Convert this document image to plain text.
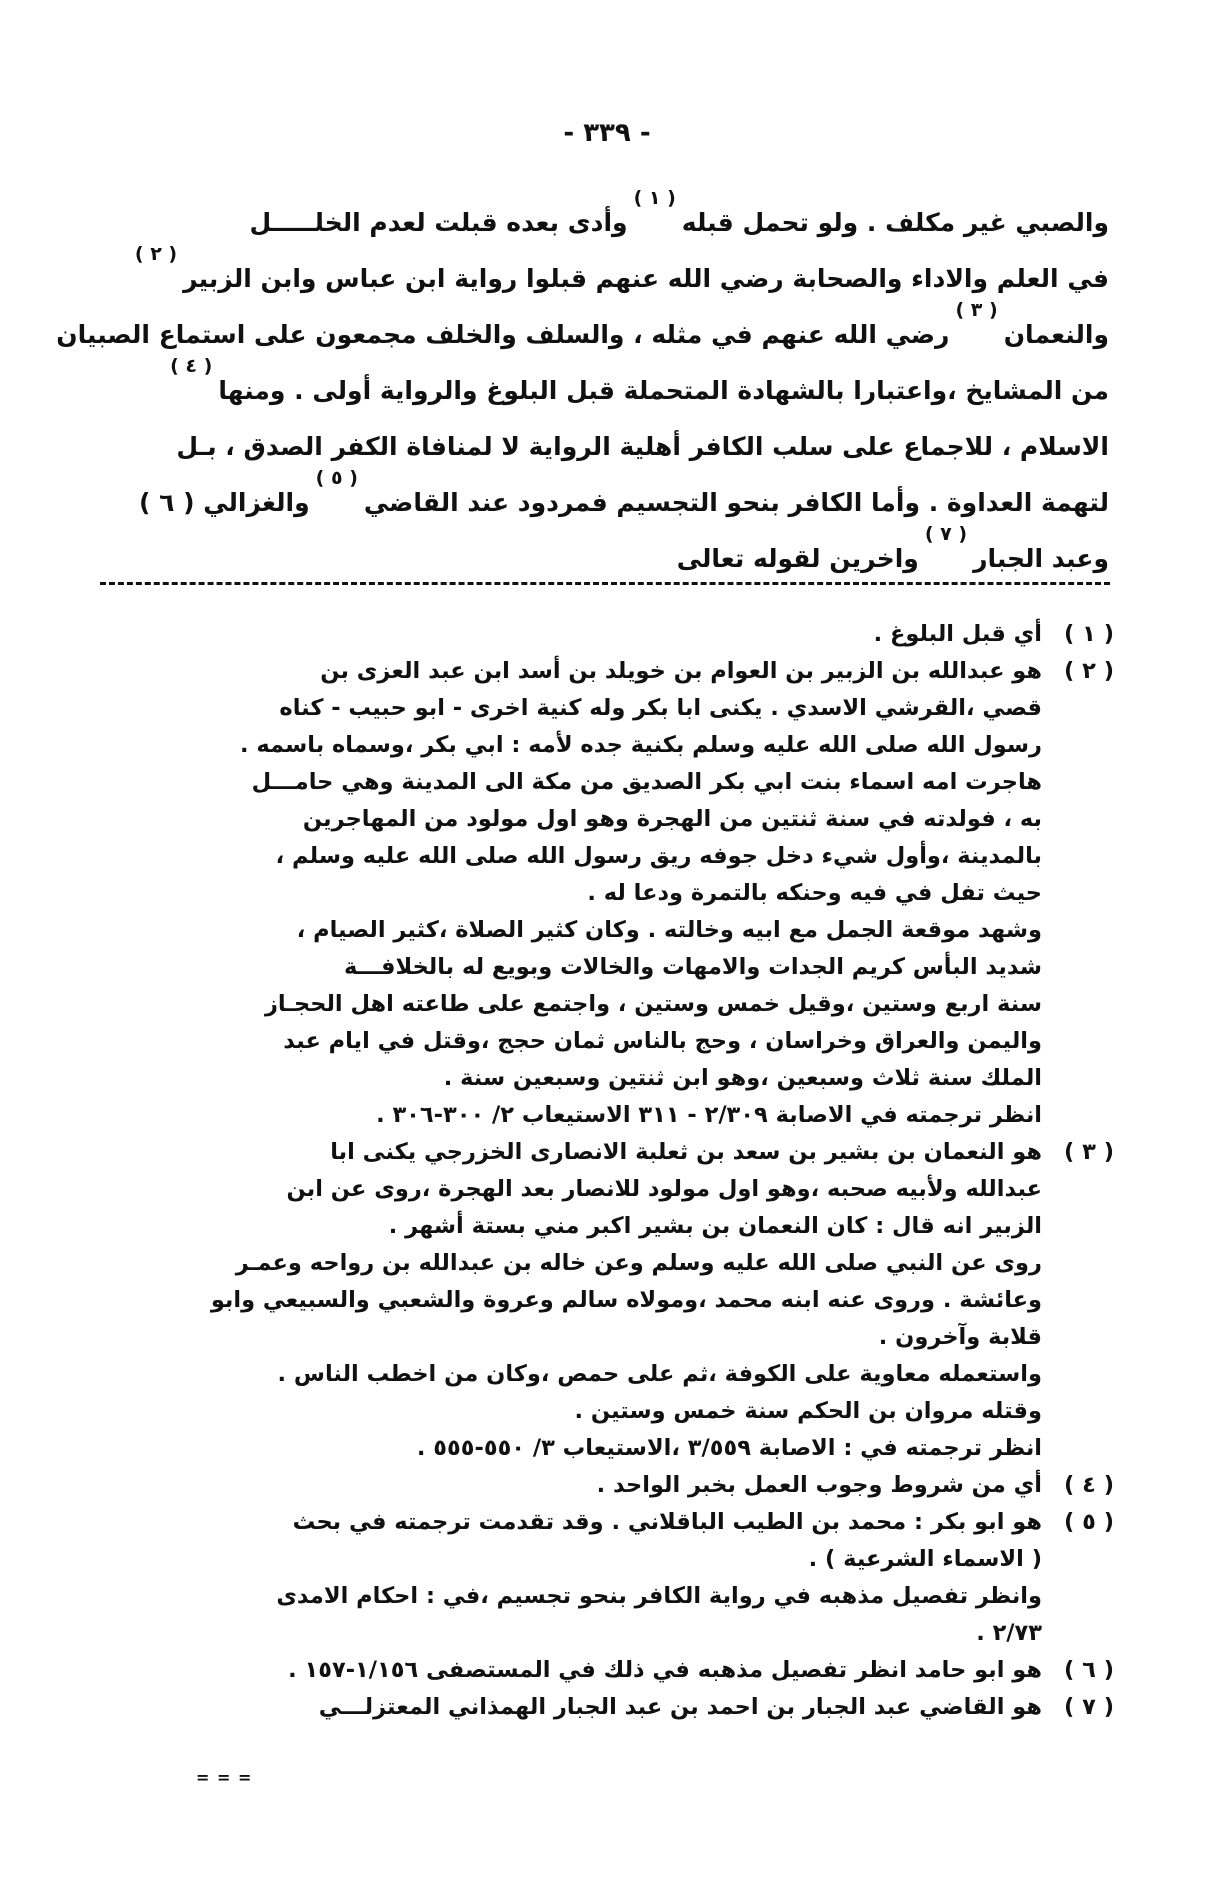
- ٣٣٩ -
والصبي غير مكلف . ولو تحمل قبله$^{( ١ )}$وأدى بعده قبلت لعدم الخلـــــل
في العلم والاداء والصحابة رضي الله عنهم قبلوا رواية ابن عباس وابن الزبير$^{( ٢ )}$
والنعمان$^{( ٣ )}$رضي الله عنهم في مثله ، والسلف والخلف مجمعون على استماع الصبيان
من المشايخ ،واعتبارا بالشهادة المتحملة قبل البلوغ والرواية أولى . ومنها$^{( ٤ )}$
الاسلام ، للاجماع على سلب الكافر أهلية الرواية لا لمنافاة الكفر الصدق ، بـل
لتهمة العداوة . وأما الكافر بنحو التجسيم فمردود عند القاضي$^{( ٥ )}$والغزالي ( ٦ )
وعبد الجبار$^{( ٧ )}$واخرين لقوله تعالى
( ١ )
أي قبل البلوغ .
( ٢ )
هو عبدالله بن الزبير بن العوام بن خويلد بن أسد ابن عبد العزى بن
قصي ،القرشي الاسدي . يكنى ابا بكر وله كنية اخرى - ابو حبيب - كناه
رسول الله صلى الله عليه وسلم بكنية جده لأمه : ابي بكر ،وسماه باسمه .
هاجرت امه اسماء بنت ابي بكر الصديق من مكة الى المدينة وهي حامـــل
به ، فولدته في سنة ثنتين من الهجرة وهو اول مولود من المهاجرين
بالمدينة ،وأول شيء دخل جوفه ريق رسول الله صلى الله عليه وسلم ،
حيث تفل في فيه وحنكه بالتمرة ودعا له .
وشهد موقعة الجمل مع ابيه وخالته . وكان كثير الصلاة ،كثير الصيام ،
شديد البأس كريم الجدات والامهات والخالات وبويع له بالخلافـــة
سنة اربع وستين ،وقيل خمس وستين ، واجتمع على طاعته اهل الحجـاز
واليمن والعراق وخراسان ، وحج بالناس ثمان حجج ،وقتل في ايام عبد
الملك سنة ثلاث وسبعين ،وهو ابن ثنتين وسبعين سنة .
انظر ترجمته في الاصابة ٢/٣٠٩ - ٣١١ الاستيعاب ٢/ ٣٠٠-٣٠٦ .
( ٣ )
هو النعمان بن بشير بن سعد بن ثعلبة الانصارى الخزرجي يكنى ابا
عبدالله ولأبيه صحبه ،وهو اول مولود للانصار بعد الهجرة ،روى عن ابن
الزبير انه قال : كان النعمان بن بشير اكبر مني بستة أشهر .
روى عن النبي صلى الله عليه وسلم وعن خاله بن عبدالله بن رواحه وعمـر
وعائشة . وروى عنه ابنه محمد ،ومولاه سالم وعروة والشعبي والسبيعي وابو
قلابة وآخرون .
واستعمله معاوية على الكوفة ،ثم على حمص ،وكان من اخطب الناس .
وقتله مروان بن الحكم سنة خمس وستين .
انظر ترجمته في : الاصابة ٣/٥٥٩ ،الاستيعاب ٣/ ٥٥٠-٥٥٥ .
( ٤ )
أي من شروط وجوب العمل بخبر الواحد .
( ٥ )
هو ابو بكر : محمد بن الطيب الباقلاني . وقد تقدمت ترجمته في بحث
( الاسماء الشرعية ) .
وانظر تفصيل مذهبه في رواية الكافر بنحو تجسيم ،في : احكام الامدى
٢/٧٣ .
( ٦ )
هو ابو حامد انظر تفصيل مذهبه في ذلك في المستصفى ١/١٥٦-١٥٧ .
( ٧ )
هو القاضي عبد الجبار بن احمد بن عبد الجبار الهمذاني المعتزلـــي
= = =
